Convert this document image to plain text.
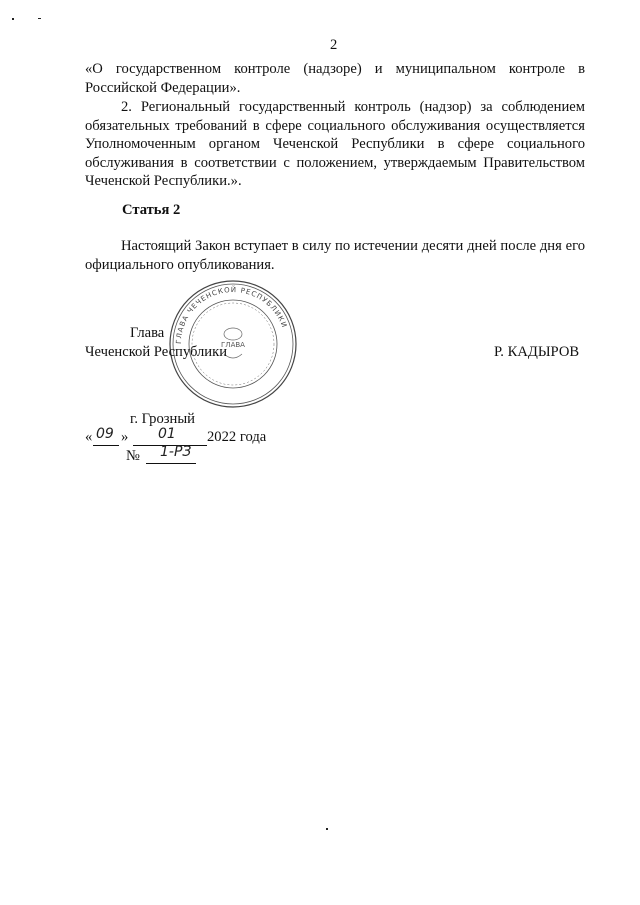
2

«О государственном контроле (надзоре) и муниципальном контроле в Российской Федерации».

2. Региональный государственный контроль (надзор) за соблюдением обязательных требований в сфере социального обслуживания осуществляется Уполномоченным органом Чеченской Республики в сфере социального обслуживания в соответствии с положением, утверждаемым Правительством Чеченской Республики.».

Статья 2

Настоящий Закон вступает в силу по истечении десяти дней после дня его официального опубликования.

ГЛАВА ЧЕЧЕНСКОЙ РЕСПУБЛИКИ
ГЛАВА
Глава
Чеченской Республики	Р. КАДЫРОВ
г. Грозный
« 09 » 01 2022 года
№ 1-РЗ
